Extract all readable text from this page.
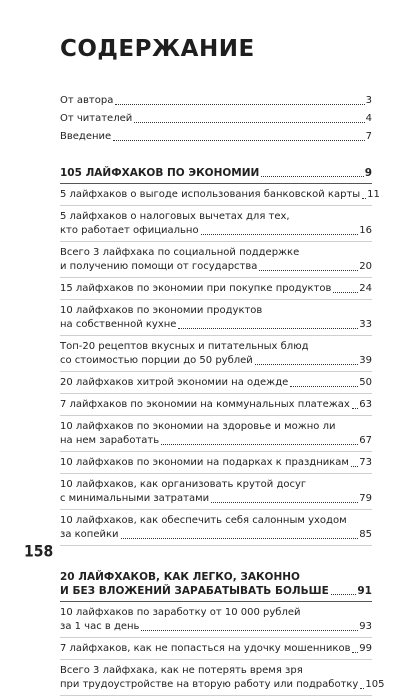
СОДЕРЖАНИЕ
От автора	3
От читателей	4
Введение	7
105 ЛАЙФХАКОВ ПО ЭКОНОМИИ	9
5 лайфхаков о выгоде использования банковской карты 11
5 лайфхаков о налоговых вычетах для тех,
кто работает официально	16
Всего 3 лайфхака по социальной поддержке
и получению помощи от государства	20
15 лайфхаков по экономии при покупке продуктов	24
10 лайфхаков по экономии продуктов
на собственной кухне	33
Топ-20 рецептов вкусных и питательных блюд
со стоимостью порции до 50 рублей	39
20 лайфхаков хитрой экономии на одежде	50
7 лайфхаков по экономии на коммунальных платежах 63
10 лайфхаков по экономии на здоровье и можно ли
на нем заработать	67
10 лайфхаков по экономии на подарках к праздникам 73
10 лайфхаков, как организовать крутой досуг
с минимальными затратами	79
10 лайфхаков, как обеспечить себя салонным уходом
за копейки	85
20 ЛАЙФХАКОВ, КАК ЛЕГКО, ЗАКОННО
И БЕЗ ВЛОЖЕНИЙ ЗАРАБАТЫВАТЬ БОЛЬШЕ	91
10 лайфхаков по заработку от 10 000 рублей
за 1 час в день	93
7 лайфхаков, как не попасться на удочку мошенников 99
Всего 3 лайфхака, как не потерять время зря
при трудоустройстве на вторую работу или подработку 105
158
